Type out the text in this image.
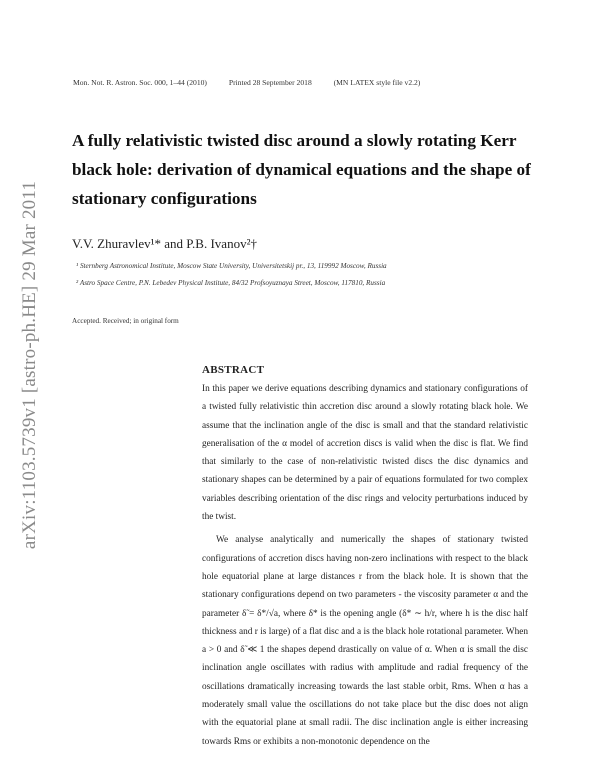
arXiv:1103.5739v1 [astro-ph.HE] 29 Mar 2011
Mon. Not. R. Astron. Soc. 000, 1–44 (2010)	Printed 28 September 2018	(MN LATEX style file v2.2)
A fully relativistic twisted disc around a slowly rotating Kerr black hole: derivation of dynamical equations and the shape of stationary configurations
V.V. Zhuravlev¹* and P.B. Ivanov²†
¹ Sternberg Astronomical Institute, Moscow State University, Universitetskij pr., 13, 119992 Moscow, Russia
² Astro Space Centre, P.N. Lebedev Physical Institute, 84/32 Profsoyuznaya Street, Moscow, 117810, Russia
Accepted. Received; in original form
ABSTRACT

In this paper we derive equations describing dynamics and stationary configurations of a twisted fully relativistic thin accretion disc around a slowly rotating black hole. We assume that the inclination angle of the disc is small and that the standard relativistic generalisation of the α model of accretion discs is valid when the disc is flat. We find that similarly to the case of non-relativistic twisted discs the disc dynamics and stationary shapes can be determined by a pair of equations formulated for two complex variables describing orientation of the disc rings and velocity perturbations induced by the twist.

We analyse analytically and numerically the shapes of stationary twisted configurations of accretion discs having non-zero inclinations with respect to the black hole equatorial plane at large distances r from the black hole. It is shown that the stationary configurations depend on two parameters - the viscosity parameter α and the parameter δ̃ = δ*/√a, where δ* is the opening angle (δ* ∼ h/r, where h is the disc half thickness and r is large) of a flat disc and a is the black hole rotational parameter. When a > 0 and δ̃ ≪ 1 the shapes depend drastically on value of α. When α is small the disc inclination angle oscillates with radius with amplitude and radial frequency of the oscillations dramatically increasing towards the last stable orbit, Rms. When α has a moderately small value the oscillations do not take place but the disc does not align with the equatorial plane at small radii. The disc inclination angle is either increasing towards Rms or exhibits a non-monotonic dependence on the
